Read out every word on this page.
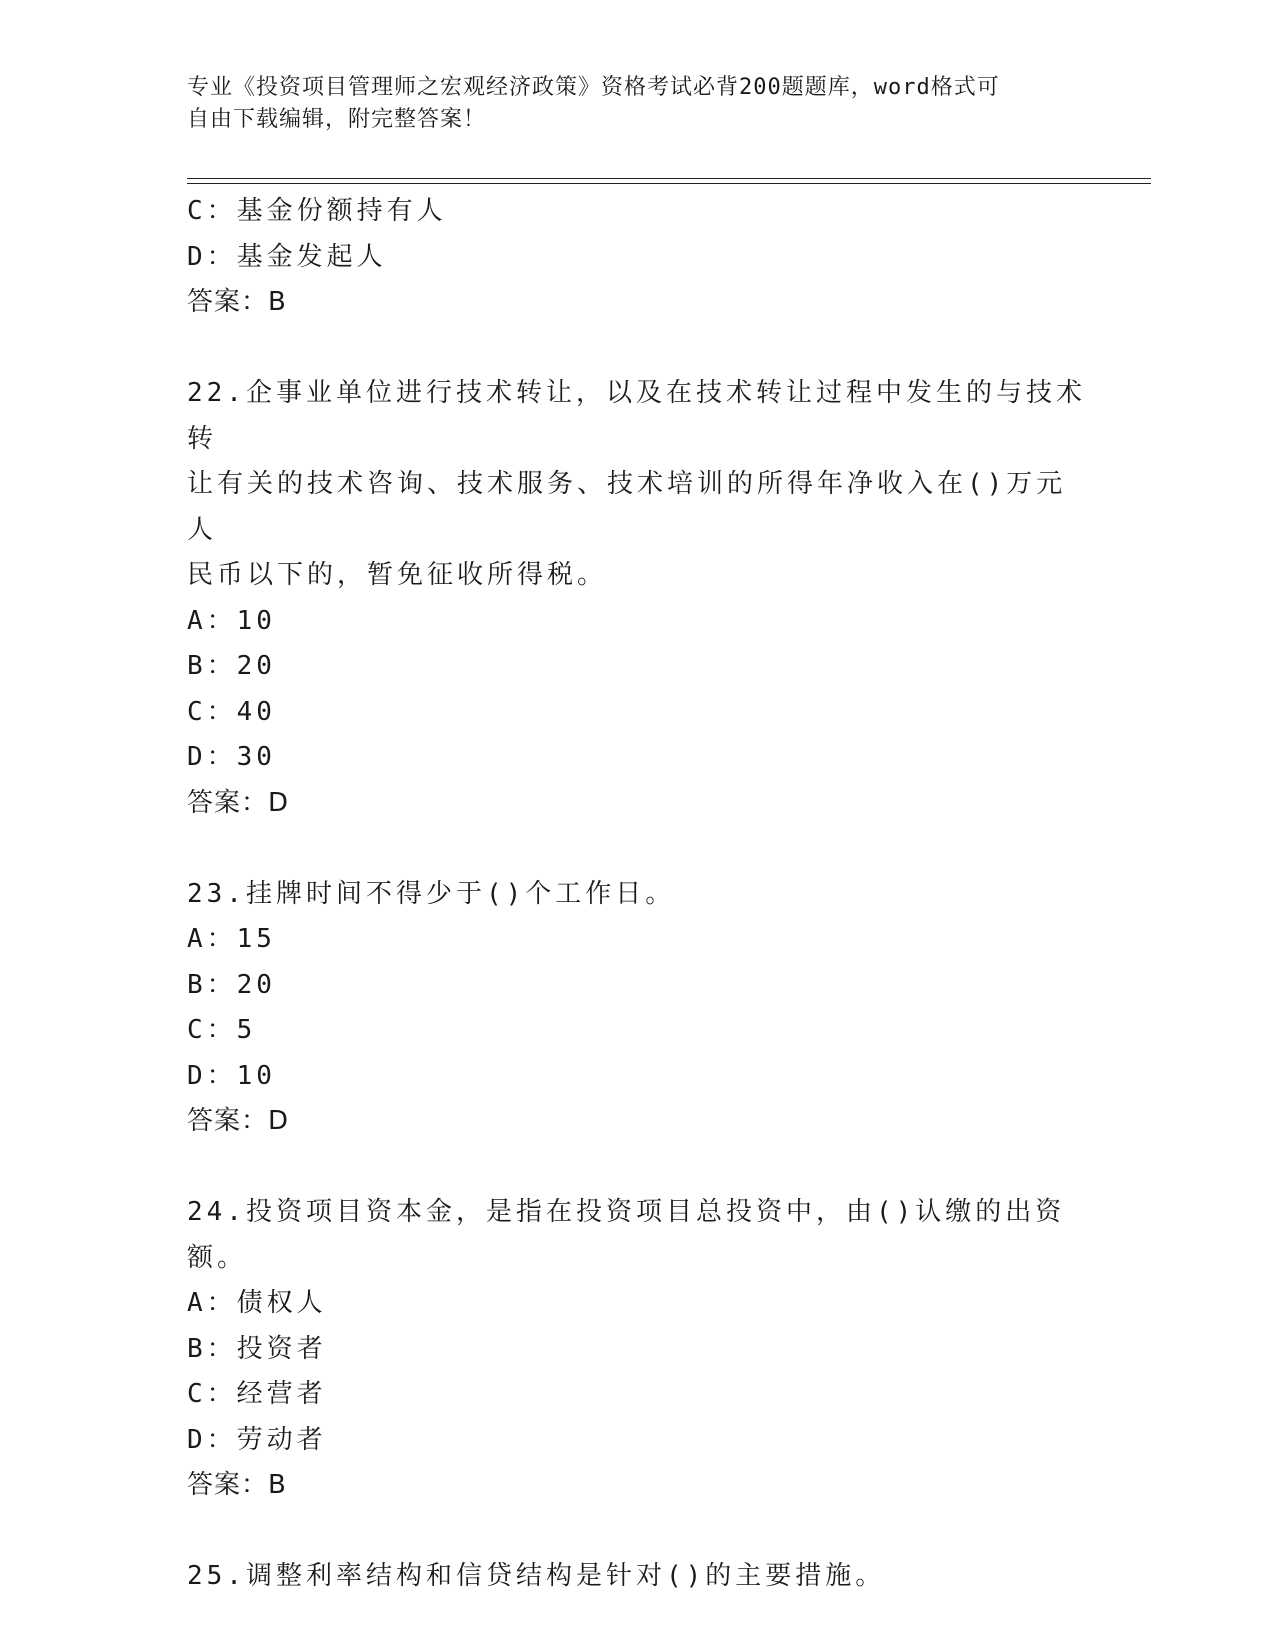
专业《投资项目管理师之宏观经济政策》资格考试必背200题题库，word格式可
自由下载编辑，附完整答案！
C：基金份额持有人
D：基金发起人
答案：B
22.企事业单位进行技术转让，以及在技术转让过程中发生的与技术转
让有关的技术咨询、技术服务、技术培训的所得年净收入在()万元人
民币以下的，暂免征收所得税。
A：10
B：20
C：40
D：30
答案：D
23.挂牌时间不得少于()个工作日。
A：15
B：20
C：5
D：10
答案：D
24.投资项目资本金，是指在投资项目总投资中，由()认缴的出资额。
A：债权人
B：投资者
C：经营者
D：劳动者
答案：B
25.调整利率结构和信贷结构是针对()的主要措施。
